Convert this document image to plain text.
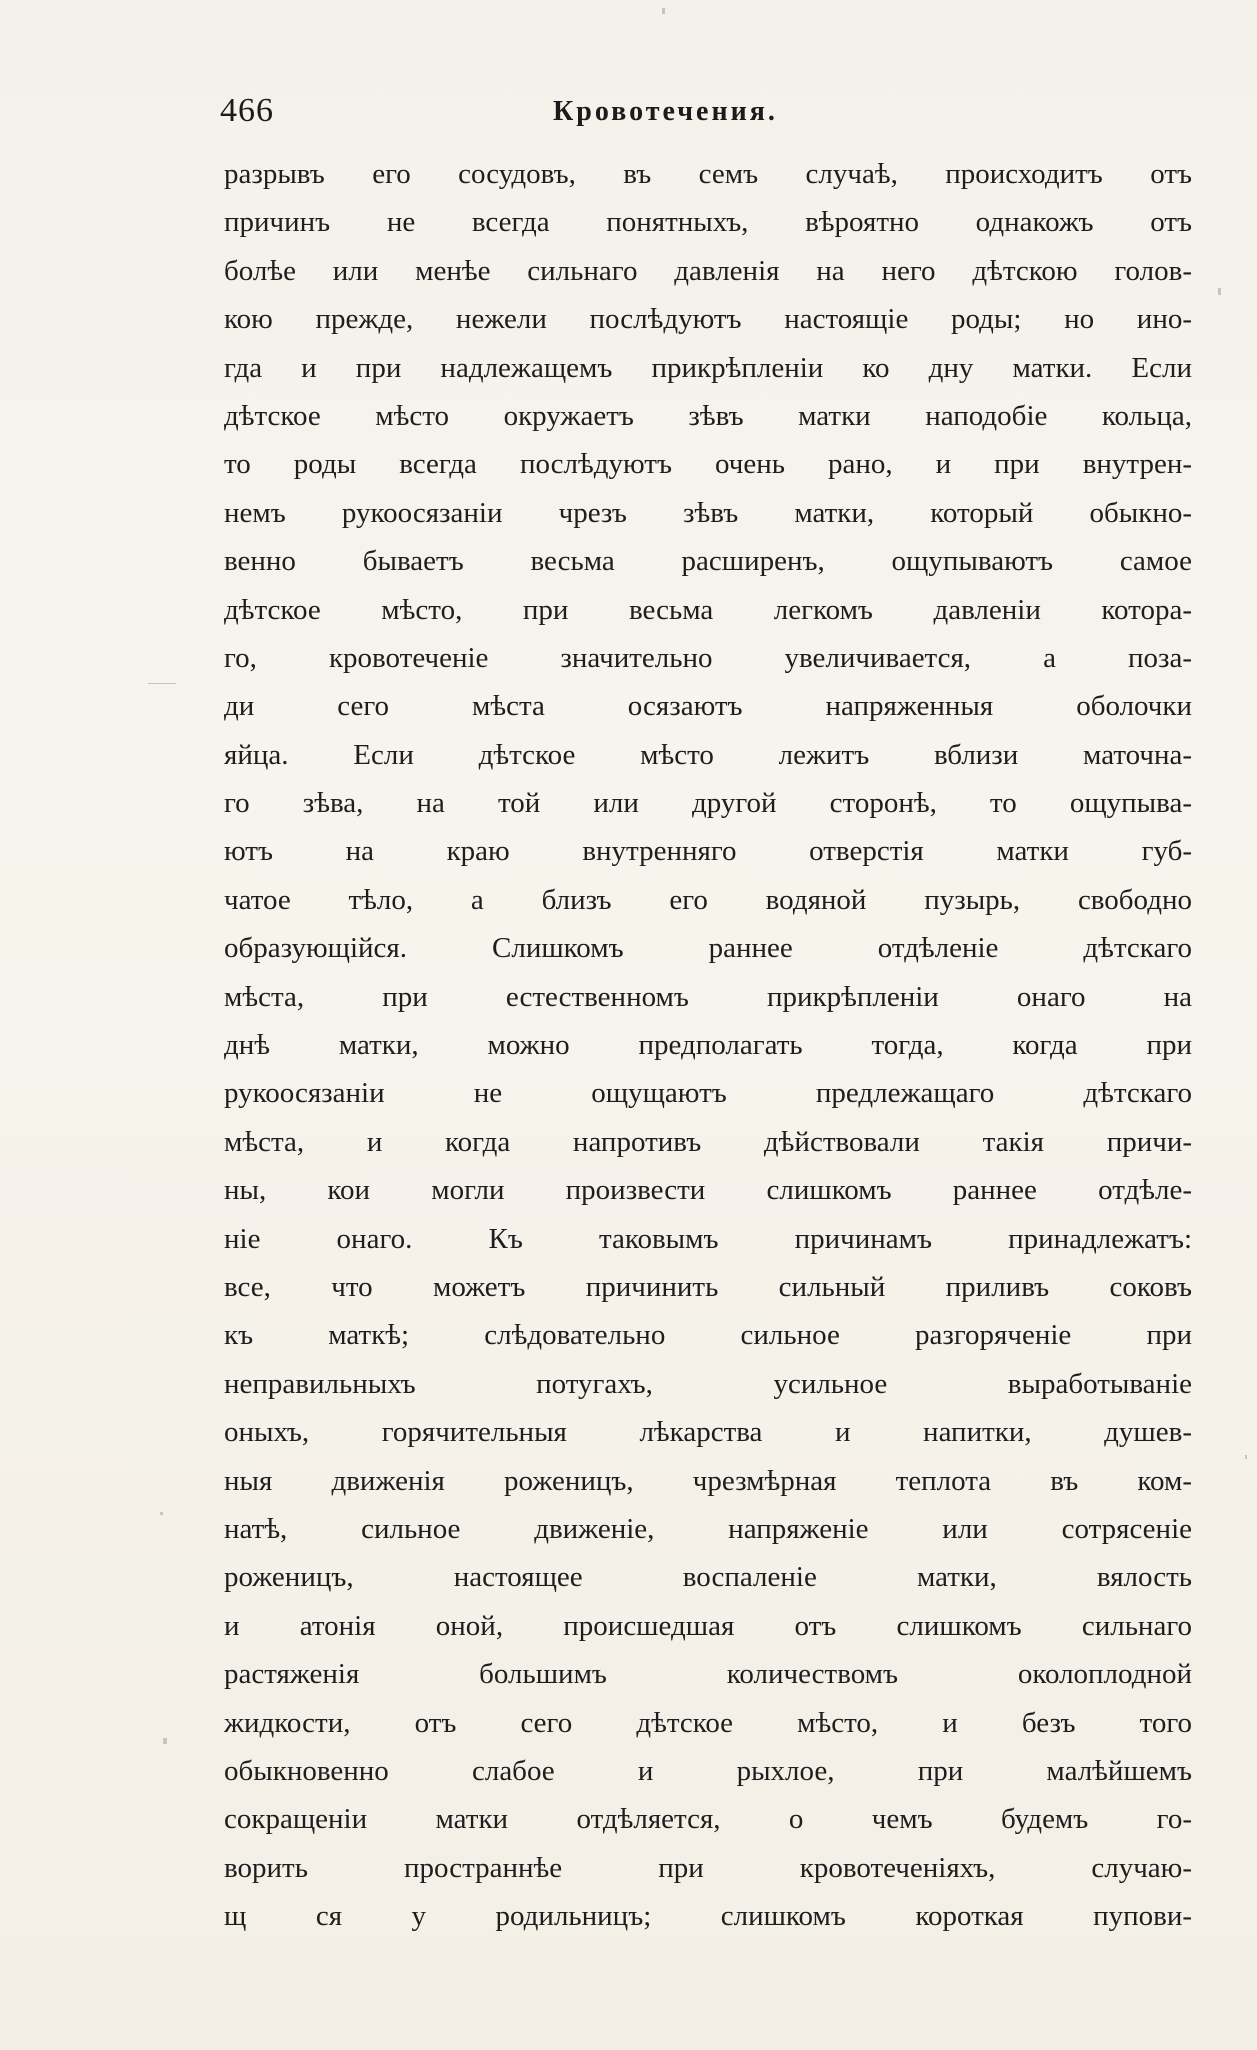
466	Кровотечения.
разрывъ его сосудовъ, въ семъ случаѣ, происходитъ отъ
причинъ не всегда понятныхъ, вѣроятно однакожъ отъ
болѣе или менѣе сильнаго давленія на него дѣтскою голов-
кою прежде, нежели послѣдуютъ настоящіе роды; но ино-
гда и при надлежащемъ прикрѣпленіи ко дну матки. Если
дѣтское мѣсто окружаетъ зѣвъ матки наподобіе кольца,
то роды всегда послѣдуютъ очень рано, и при внутрен-
немъ рукоосязаніи чрезъ зѣвъ матки, который обыкно-
венно бываетъ весьма расширенъ, ощупываютъ самое
дѣтское мѣсто, при весьма легкомъ давленіи котора-
го, кровотеченіе значительно увеличивается, а поза-
ди сего мѣста осязаютъ напряженныя оболочки
яйца. Если дѣтское мѣсто лежитъ вблизи маточна-
го зѣва, на той или другой сторонѣ, то ощупыва-
ютъ на краю внутренняго отверстія матки губ-
чатое тѣло, а близъ его водяной пузырь, свободно
образующійся. Слишкомъ раннее отдѣленіе дѣтскаго
мѣста, при естественномъ прикрѣпленіи онаго на
днѣ матки, можно предполагать тогда, когда при
рукоосязаніи не ощущаютъ предлежащаго дѣтскаго
мѣста, и когда напротивъ дѣйствовали такія причи-
ны, кои могли произвести слишкомъ раннее отдѣле-
ніе онаго. Къ таковымъ причинамъ принадлежатъ:
все, что можетъ причинить сильный приливъ соковъ
къ маткѣ; слѣдовательно сильное разгоряченіе при
неправильныхъ потугахъ, усильное выработываніе
оныхъ, горячительныя лѣкарства и напитки, душев-
ныя движенія роженицъ, чрезмѣрная теплота въ ком-
натѣ, сильное движеніе, напряженіе или сотрясеніе
роженицъ, настоящее воспаленіе матки, вялость
и атонія оной, происшедшая отъ слишкомъ сильнаго
растяженія большимъ количествомъ околоплодной
жидкости, отъ сего дѣтское мѣсто, и безъ того
обыкновенно слабое и рыхлое, при малѣйшемъ
сокращеніи матки отдѣляется, о чемъ будемъ го-
ворить пространнѣе при кровотеченіяхъ, случаю-
щ ся у родильницъ; слишкомъ короткая пупови-
